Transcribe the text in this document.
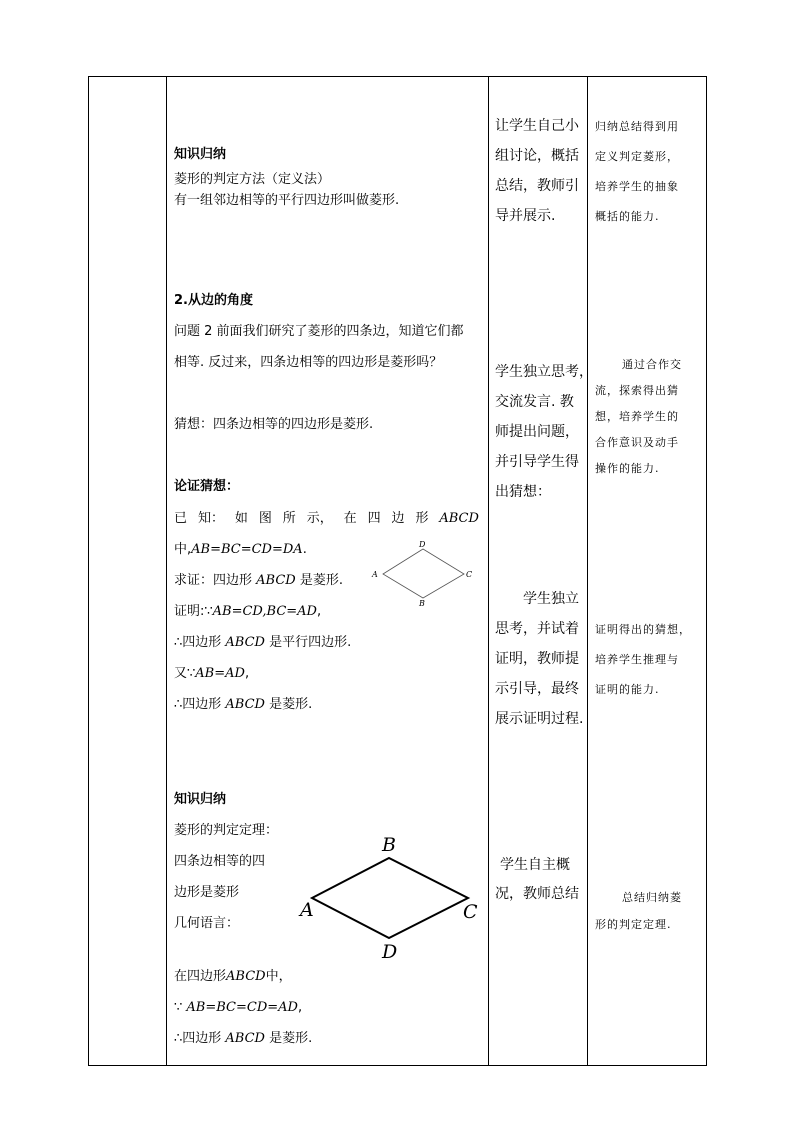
知识归纳
菱形的判定方法（定义法）
有一组邻边相等的平行四边形叫做菱形.
2.从边的角度
问题 2 前面我们研究了菱形的四条边，知道它们都
相等. 反过来，四条边相等的四边形是菱形吗？
猜想：四条边相等的四边形是菱形.
论证猜想：
已 知： 如 图 所 示， 在 四 边 形 ABCD
中,AB=BC=CD=DA.
求证：四边形 ABCD 是菱形.
证明:∵AB=CD,BC=AD,
∴四边形 ABCD 是平行四边形.
又∵AB=AD,
∴四边形 ABCD 是菱形.
A
B
C
D
知识归纳
菱形的判定定理：
四条边相等的四
边形是菱形
几何语言：
在四边形ABCD中，
∵ AB=BC=CD=AD,
∴四边形 ABCD 是菱形.
A
B
C
D
让学生自己小
组讨论，概括
总结，教师引
导并展示.
学生独立思考，
交流发言. 教
师提出问题，
并引导学生得
出猜想：
学生独立
思考，并试着
证明，教师提
示引导，最终
展示证明过程.
学生自主概
况，教师总结
归纳总结得到用
定义判定菱形，
培养学生的抽象
概括的能力.
通过合作交
流，探索得出猜
想，培养学生的
合作意识及动手
操作的能力.
证明得出的猜想，
培养学生推理与
证明的能力.
总结归纳菱
形的判定定理.
